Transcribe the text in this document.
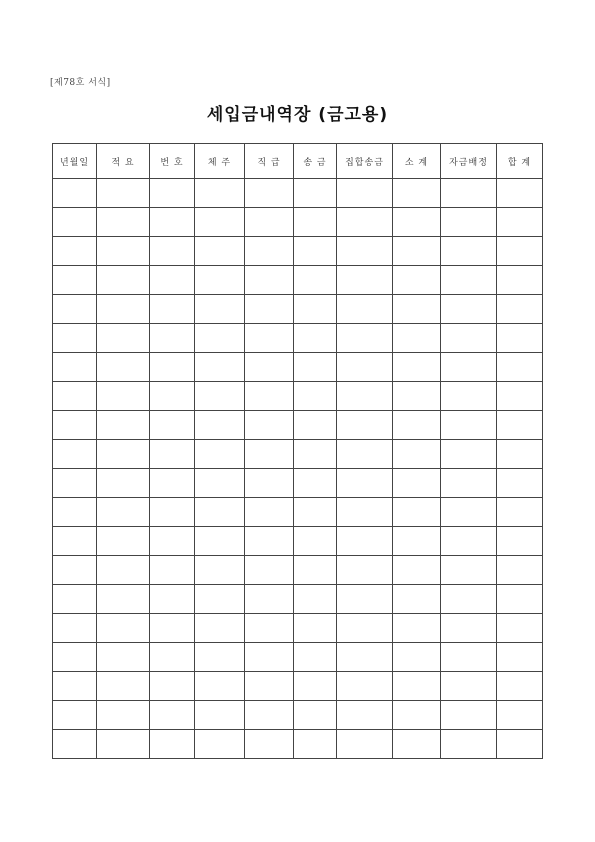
[제78호 서식]
세입금내역장 (금고용)
년월일	적 요	번 호	체 주	직 급	송 금	집합송금	소 계	자금배정	합 계
